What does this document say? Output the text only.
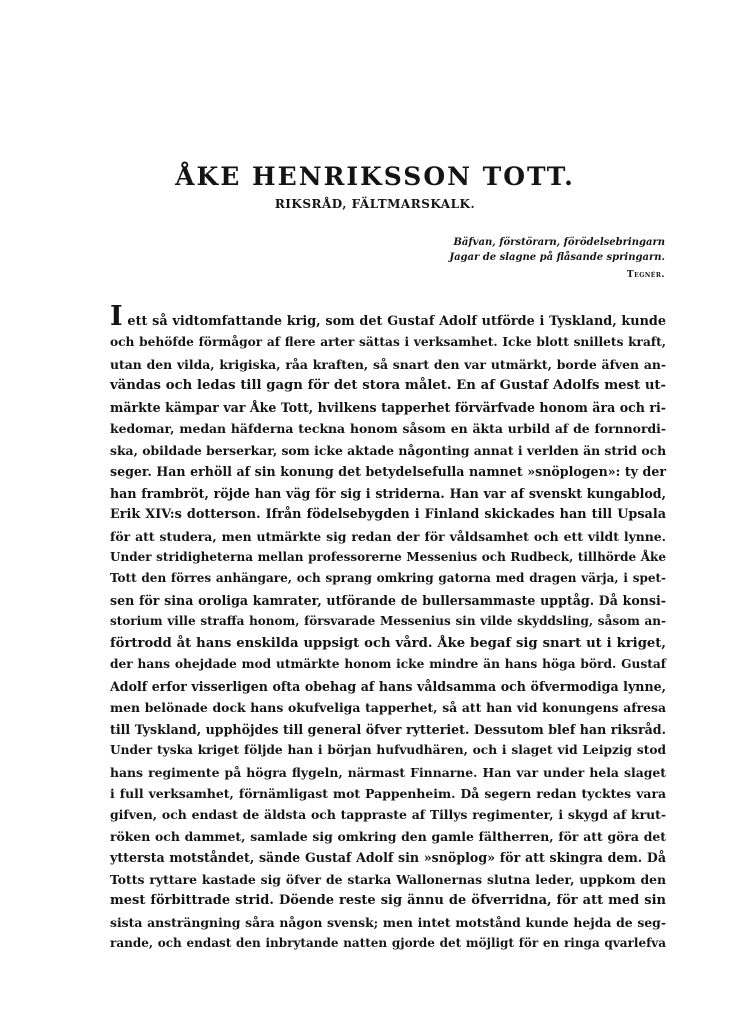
ÅKE HENRIKSSON TOTT.
RIKSRÅD, FÄLTMARSKALK.
Bäfvan, förstörarn, förödelsebringarn
Jagar de slagne på flåsande springarn.
Tegnér.
I ett så vidtomfattande krig, som det Gustaf Adolf utförde i Tyskland, kunde
och behöfde förmågor af flere arter sättas i verksamhet. Icke blott snillets kraft,
utan den vilda, krigiska, råa kraften, så snart den var utmärkt, borde äfven an-
vändas och ledas till gagn för det stora målet. En af Gustaf Adolfs mest ut-
märkte kämpar var Åke Tott, hvilkens tapperhet förvärfvade honom ära och ri-
kedomar, medan häfderna teckna honom såsom en äkta urbild af de fornnordi-
ska, obildade berserkar, som icke aktade någonting annat i verlden än strid och
seger. Han erhöll af sin konung det betydelsefulla namnet »snöplogen»: ty der
han frambröt, röjde han väg för sig i striderna. Han var af svenskt kungablod,
Erik XIV:s dotterson. Ifrån födelsebygden i Finland skickades han till Upsala
för att studera, men utmärkte sig redan der för våldsamhet och ett vildt lynne.
Under stridigheterna mellan professorerne Messenius och Rudbeck, tillhörde Åke
Tott den förres anhängare, och sprang omkring gatorna med dragen värja, i spet-
sen för sina oroliga kamrater, utförande de bullersammaste upptåg. Då konsi-
storium ville straffa honom, försvarade Messenius sin vilde skyddsling, såsom an-
förtrodd åt hans enskilda uppsigt och vård. Åke begaf sig snart ut i kriget,
der hans ohejdade mod utmärkte honom icke mindre än hans höga börd. Gustaf
Adolf erfor visserligen ofta obehag af hans våldsamma och öfvermodiga lynne,
men belönade dock hans okufveliga tapperhet, så att han vid konungens afresa
till Tyskland, upphöjdes till general öfver rytteriet. Dessutom blef han riksråd.
Under tyska kriget följde han i början hufvudhären, och i slaget vid Leipzig stod
hans regimente på högra flygeln, närmast Finnarne. Han var under hela slaget
i full verksamhet, förnämligast mot Pappenheim. Då segern redan tycktes vara
gifven, och endast de äldsta och tappraste af Tillys regimenter, i skygd af krut-
röken och dammet, samlade sig omkring den gamle fältherren, för att göra det
yttersta motståndet, sände Gustaf Adolf sin »snöplog» för att skingra dem. Då
Totts ryttare kastade sig öfver de starka Wallonernas slutna leder, uppkom den
mest förbittrade strid. Döende reste sig ännu de öfverridna, för att med sin
sista ansträngning såra någon svensk; men intet motstånd kunde hejda de seg-
rande, och endast den inbrytande natten gjorde det möjligt för en ringa qvarlefva
